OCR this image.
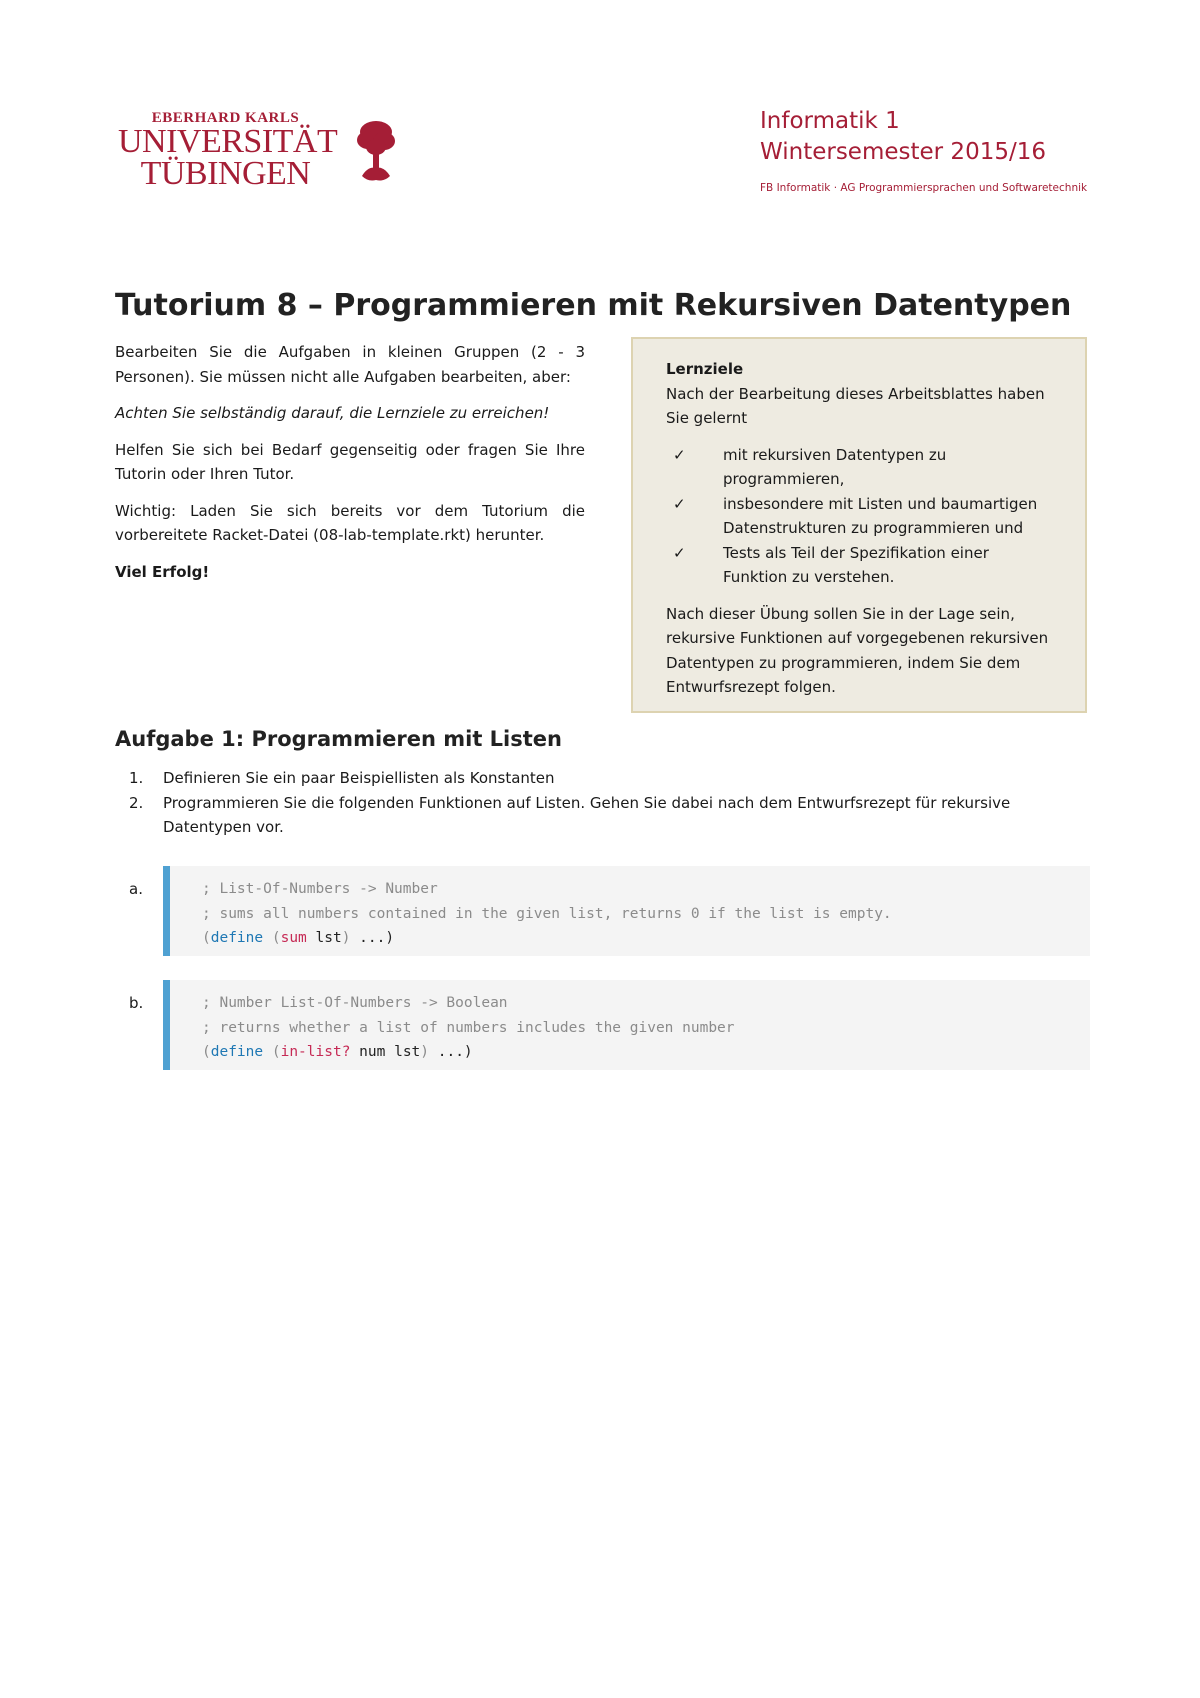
EBERHARD KARLS
UNIVERSITÄT
TÜBINGEN
Informatik 1
Wintersemester 2015/16
FB Informatik · AG Programmiersprachen und Softwaretechnik
Tutorium 8 – Programmieren mit Rekursiven Datentypen

Bearbeiten Sie die Aufgaben in kleinen Gruppen (2 - 3 Personen). Sie müssen nicht alle Aufgaben bearbeiten, aber:

Achten Sie selbständig darauf, die Lernziele zu erreichen!

Helfen Sie sich bei Bedarf gegenseitig oder fragen Sie Ihre Tutorin oder Ihren Tutor.

Wichtig: Laden Sie sich bereits vor dem Tutorium die vorbereitete Racket-Datei (08-lab-template.rkt) herunter.

Viel Erfolg!

Lernziele

Nach der Bearbeitung dieses Arbeitsblattes haben Sie gelernt

✓ mit rekursiven Datentypen zu programmieren,
✓ insbesondere mit Listen und baumartigen Datenstrukturen zu programmieren und
✓ Tests als Teil der Spezifikation einer Funktion zu verstehen.

Nach dieser Übung sollen Sie in der Lage sein, rekursive Funktionen auf vorgegebenen rekursiven Datentypen zu programmieren, indem Sie dem Entwurfsrezept folgen.

Aufgabe 1: Programmieren mit Listen
1. Definieren Sie ein paar Beispiellisten als Konstanten
2. Programmieren Sie die folgenden Funktionen auf Listen. Gehen Sie dabei nach dem Entwurfsrezept für rekursive Datentypen vor.
a.	; List-Of-Numbers -> Number
; sums all numbers contained in the given list, returns 0 if the list is empty.
(define (sum lst) ...)
b.	; Number List-Of-Numbers -> Boolean
; returns whether a list of numbers includes the given number
(define (in-list? num lst) ...)
